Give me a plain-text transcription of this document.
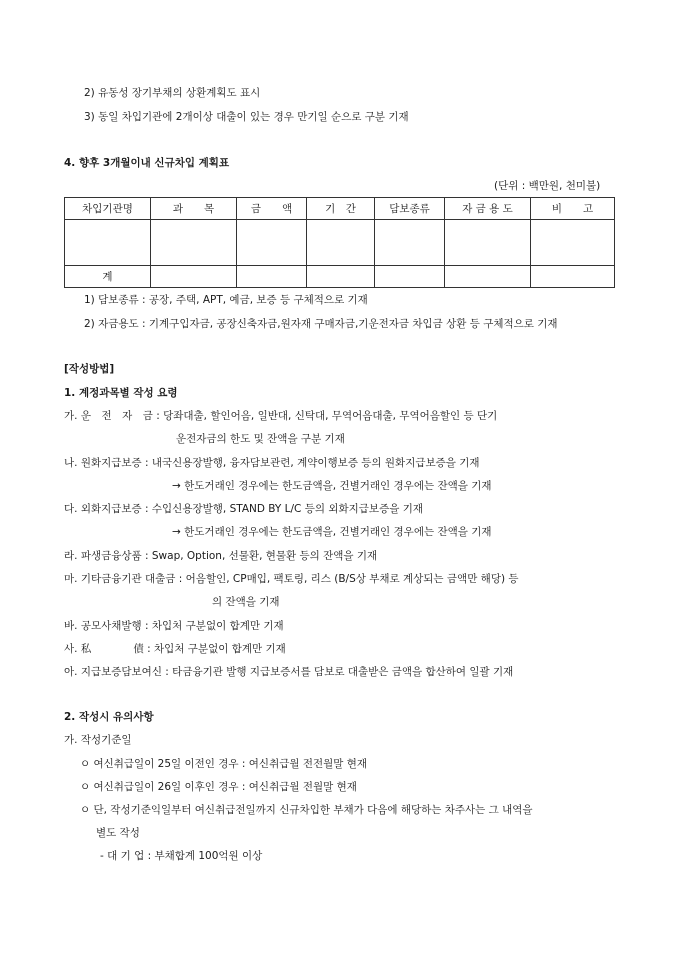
2) 유동성 장기부채의 상환계획도 표시
3) 동일 차입기관에 2개이상 대출이 있는 경우 만기일 순으로 구분 기재
4. 향후 3개월이내 신규차입 계획표
(단위 : 백만원, 천미불)
차입기관명	과　　목	금　　액	기　간	담보종류	자 금 용 도	비　　고

계						
1) 담보종류 : 공장, 주택, APT, 예금, 보증 등 구체적으로 기재
2) 자금용도 : 기계구입자금, 공장신축자금,원자재 구매자금,기운전자금 차입금 상환 등 구체적으로 기재
[작성방법]
1. 계정과목별 작성 요령
가. 운　전　자　금 : 당좌대출, 할인어음, 일반대, 신탁대, 무역어음대출, 무역어음할인 등 단기
운전자금의 한도 및 잔액을 구분 기재
나. 원화지급보증 : 내국신용장발행, 융자담보관련, 계약이행보증 등의 원화지급보증을 기재
→ 한도거래인 경우에는 한도금액을, 건별거래인 경우에는 잔액을 기재
다. 외화지급보증 : 수입신용장발행, STAND BY L/C 등의 외화지급보증을 기재
→ 한도거래인 경우에는 한도금액을, 건별거래인 경우에는 잔액을 기재
라. 파생금융상품 : Swap, Option, 선물환, 현물환 등의 잔액을 기재
마. 기타금융기관 대출금 : 어음할인, CP매입, 팩토링, 리스 (B/S상 부채로 계상되는 금액만 해당) 등
의 잔액을 기재
바. 공모사채발행 : 차입처 구분없이 합계만 기재
사. 私　　　　債 : 차입처 구분없이 합계만 기재
아. 지급보증담보여신 : 타금융기관 발행 지급보증서를 담보로 대출받은 금액을 합산하여 일괄 기재
2. 작성시 유의사항
가. 작성기준일
ㅇ 여신취급일이 25일 이전인 경우 : 여신취급월 전전월말 현재
ㅇ 여신취급일이 26일 이후인 경우 : 여신취급월 전월말 현재
ㅇ 단, 작성기준익일부터 여신취급전일까지 신규차입한 부채가 다음에 해당하는 차주사는 그 내역을
별도 작성
- 대 기 업 : 부채합계 100억원 이상
